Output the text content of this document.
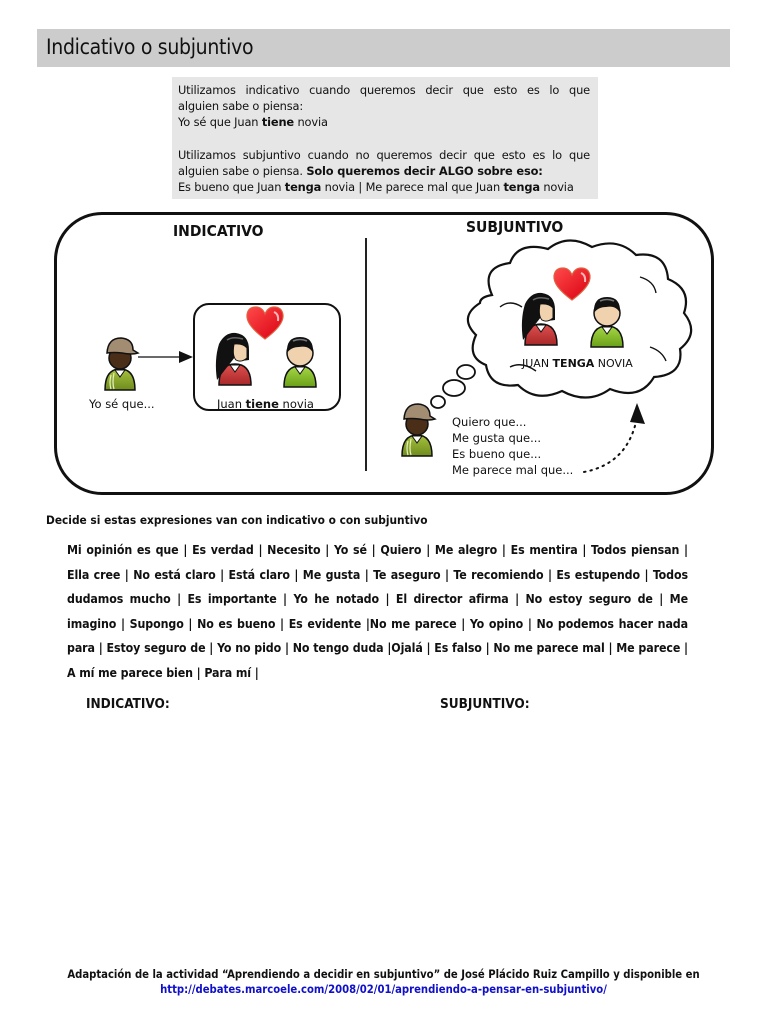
Indicativo o subjuntivo

Utilizamos indicativo cuando queremos decir que esto es lo que
alguien sabe o piensa:
Yo sé que Juan tiene novia

Utilizamos subjuntivo cuando no queremos decir que esto es lo que
alguien sabe o piensa. Solo queremos decir ALGO sobre eso:
Es bueno que Juan tenga novia | Me parece mal que Juan tenga novia

INDICATIVO	SUBJUNTIVO
Yo sé que...	Juan tiene novia
JUAN TENGA NOVIA
Quiero que...
Me gusta que...
Es bueno que...
Me parece mal que...
Decide si estas expresiones van con indicativo o con subjuntivo
Mi opinión es que | Es verdad | Necesito | Yo sé | Quiero | Me alegro | Es mentira | Todos piensan | Ella cree | No está claro | Está claro | Me gusta | Te aseguro | Te recomiendo | Es estupendo | Todos dudamos mucho | Es importante | Yo he notado | El director afirma | No estoy seguro de | Me imagino | Supongo | No es bueno | Es evidente |No me parece | Yo opino | No podemos hacer nada para | Estoy seguro de | Yo no pido | No tengo duda |Ojalá | Es falso | No me parece mal | Me parece | A mí me parece bien | Para mí |
INDICATIVO:	SUBJUNTIVO:
Adaptación de la actividad “Aprendiendo a decidir en subjuntivo” de José Plácido Ruiz Campillo y disponible en
http://debates.marcoele.com/2008/02/01/aprendiendo-a-pensar-en-subjuntivo/
